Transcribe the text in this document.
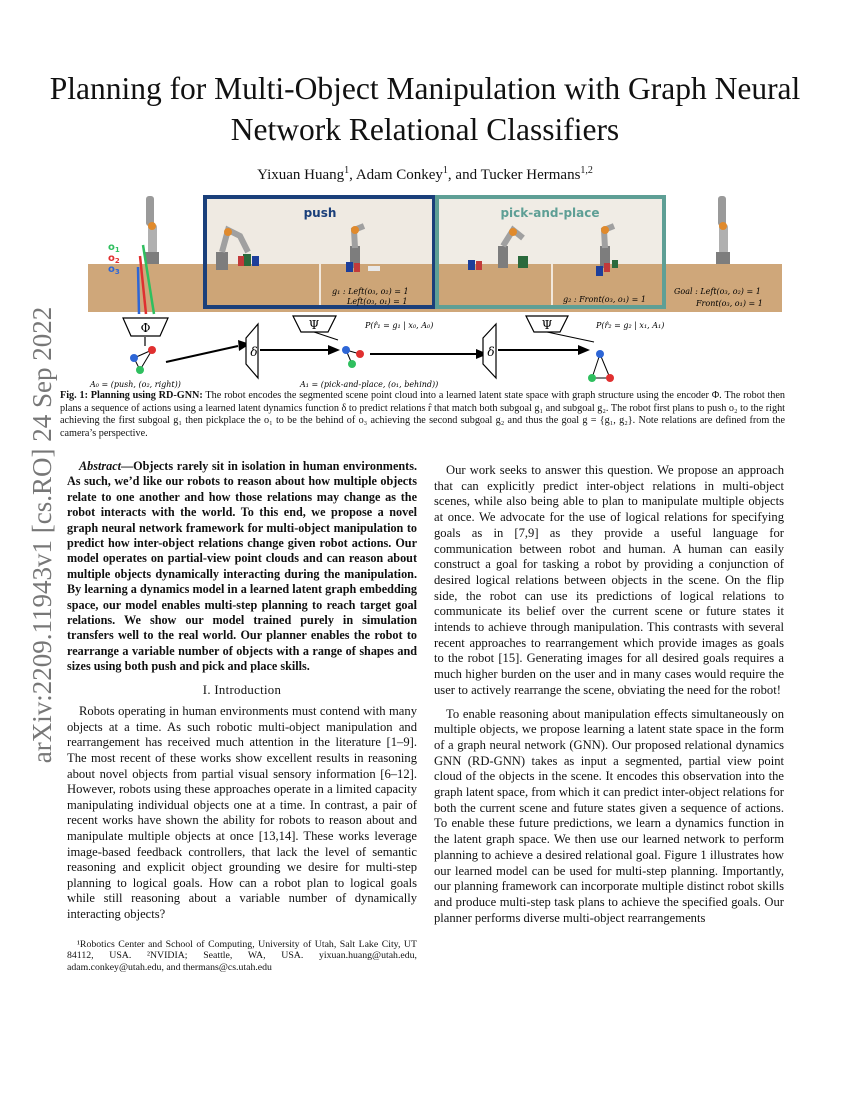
Planning for Multi-Object Manipulation with Graph Neural Network Relational Classifiers
Yixuan Huang$^1$, Adam Conkey$^1$, and Tucker Hermans$^{1,2}$
arXiv:2209.11943v1 [cs.RO] 24 Sep 2022
push	pick-and-place
$o_1$
$o_2$
$o_3$
Φ
δ
Ψ	P(r̂₁ = g₁ | x₀, A₀)
δ
Ψ	P(r̂₂ = g₂ | x₁, A₁)
g₁ : Left(o₃, o₂) = 1
Left(o₃, o₁) = 1	g₂ : Front(o₃, o₁) = 1
Goal : Left(o₃, o₂) = 1
Front(o₃, o₁) = 1
A₀ = (push, (o₂, right))	A₁ = (pick-and-place, (o₁, behind))
Fig. 1: Planning using RD-GNN: The robot encodes the segmented scene point cloud into a learned latent state space with graph structure using the encoder Φ. The robot then plans a sequence of actions using a learned latent dynamics function δ to predict relations r̂ that match both subgoal g₁ and subgoal g₂. The robot first plans to push o₂ to the right achieving the first subgoal g₁ then pickplace the o₁ to be the behind of o₃ achieving the second subgoal g₂ and thus the goal g = {g₁, g₂}. Note relations are defined from the camera’s perspective.

Abstract—Objects rarely sit in isolation in human environments. As such, we’d like our robots to reason about how multiple objects relate to one another and how those relations may change as the robot interacts with the world. To this end, we propose a novel graph neural network framework for multi-object manipulation to predict how inter-object relations change given robot actions. Our model operates on partial-view point clouds and can reason about multiple objects dynamically interacting during the manipulation. By learning a dynamics model in a learned latent graph embedding space, our model enables multi-step planning to reach target goal relations. We show our model trained purely in simulation transfers well to the real world. Our planner enables the robot to rearrange a variable number of objects with a range of shapes and sizes using both push and pick and place skills.

I. Introduction

Robots operating in human environments must contend with many objects at a time. As such robotic multi-object manipulation and rearrangement has received much attention in the literature [1–9]. The most recent of these works show excellent results in reasoning about novel objects from partial visual sensory information [6–12]. However, robots using these approaches operate in a limited capacity manipulating individual objects one at a time. In contrast, a pair of recent works have shown the ability for robots to reason about and manipulate multiple objects at once [13,14]. These works leverage image-based feedback controllers, that lack the level of semantic reasoning and explicit object grounding we desire for multi-step planning to logical goals. How can a robot plan to logical goals while still reasoning about a variable number of dynamically interacting objects?

¹Robotics Center and School of Computing, University of Utah, Salt Lake City, UT 84112, USA. ²NVIDIA; Seattle, WA, USA. yixuan.huang@utah.edu, adam.conkey@utah.edu, and thermans@cs.utah.edu

Our work seeks to answer this question. We propose an approach that can explicitly predict inter-object relations in multi-object scenes, while also being able to plan to manipulate multiple objects at once. We advocate for the use of logical relations for specifying goals as in [7,9] as they provide a useful language for communication between robot and human. A human can easily construct a goal for tasking a robot by providing a conjunction of desired logical relations between objects in the scene. On the flip side, the robot can use its predictions of logical relations to communicate its belief over the current scene or future states it intends to achieve through manipulation. This contrasts with several recent approaches to rearrangement which provide images as goals to the robot [15]. Generating images for all desired goals requires a much higher burden on the user and in many cases would require the user to actively rearrange the scene, obviating the need for the robot!

To enable reasoning about manipulation effects simultaneously on multiple objects, we propose learning a latent state space in the form of a graph neural network (GNN). Our proposed relational dynamics GNN (RD-GNN) takes as input a segmented, partial view point cloud of the objects in the scene. It encodes this observation into the graph latent space, from which it can predict inter-object relations for both the current scene and future states given a sequence of actions. To enable these future predictions, we learn a dynamics function in the latent graph space. We then use our learned network to perform planning to achieve a desired relational goal. Figure 1 illustrates how our learned model can be used for multi-step planning. Importantly, our planning framework can incorporate multiple distinct robot skills and produce multi-step task plans to achieve the specified goals. Our planner performs diverse multi-object rearrangements
